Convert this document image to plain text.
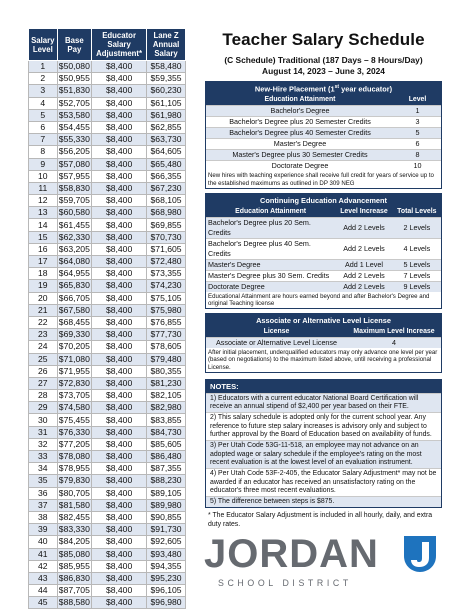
Salary Level	Base Pay	Educator Salary Adjustment*	Lane Z Annual Salary
1	$50,080	$8,400	$58,480
2	$50,955	$8,400	$59,355
3	$51,830	$8,400	$60,230
4	$52,705	$8,400	$61,105
5	$53,580	$8,400	$61,980
6	$54,455	$8,400	$62,855
7	$55,330	$8,400	$63,730
8	$56,205	$8,400	$64,605
9	$57,080	$8,400	$65,480
10	$57,955	$8,400	$66,355
11	$58,830	$8,400	$67,230
12	$59,705	$8,400	$68,105
13	$60,580	$8,400	$68,980
14	$61,455	$8,400	$69,855
15	$62,330	$8,400	$70,730
16	$63,205	$8,400	$71,605
17	$64,080	$8,400	$72,480
18	$64,955	$8,400	$73,355
19	$65,830	$8,400	$74,230
20	$66,705	$8,400	$75,105
21	$67,580	$8,400	$75,980
22	$68,455	$8,400	$76,855
23	$69,330	$8,400	$77,730
24	$70,205	$8,400	$78,605
25	$71,080	$8,400	$79,480
26	$71,955	$8,400	$80,355
27	$72,830	$8,400	$81,230
28	$73,705	$8,400	$82,105
29	$74,580	$8,400	$82,980
30	$75,455	$8,400	$83,855
31	$76,330	$8,400	$84,730
32	$77,205	$8,400	$85,605
33	$78,080	$8,400	$86,480
34	$78,955	$8,400	$87,355
35	$79,830	$8,400	$88,230
36	$80,705	$8,400	$89,105
37	$81,580	$8,400	$89,980
38	$82,455	$8,400	$90,855
39	$83,330	$8,400	$91,730
40	$84,205	$8,400	$92,605
41	$85,080	$8,400	$93,480
42	$85,955	$8,400	$94,355
43	$86,830	$8,400	$95,230
44	$87,705	$8,400	$96,105
45	$88,580	$8,400	$96,980
Teacher Salary Schedule
(C Schedule) Traditional (187 Days – 8 Hours/Day)
August 14, 2023 – June 3, 2024
New-Hire Placement (1st year educator)
Education Attainment	Level
Bachelor's Degree	1
Bachelor's Degree plus 20 Semester Credits	3
Bachelor's Degree plus 40 Semester Credits	5
Master's Degree	6
Master's Degree plus 30 Semester Credits	8
Doctorate Degree	10
New hires with teaching experience shall receive full credit for years of service up to the established maximums as outlined in DP 309 NEG
Continuing Education Advancement
Education Attainment	Level Increase	Total Levels
Bachelor's Degree plus 20 Sem. Credits	Add 2 Levels	2 Levels
Bachelor's Degree plus 40 Sem. Credits	Add 2 Levels	4 Levels
Master's Degree	Add 1 Level	5 Levels
Master's Degree plus 30 Sem. Credits	Add 2 Levels	7 Levels
Doctorate Degree	Add 2 Levels	9 Levels
Educational Attainment are hours earned beyond and after Bachelor's Degree and original Teaching license
Associate or Alternative Level License
License	Maximum Level Increase
Associate or Alternative Level License	4
After initial placement, underqualified educators may only advance one level per year (based on negotiations) to the maximum listed above, until receiving a professional License.
NOTES:
1) Educators with a current educator National Board Certification will receive an annual stipend of $2,400 per year based on their FTE.
2) This salary schedule is adopted only for the current school year. Any reference to future step salary increases is advisory only and subject to further approval by the Board of Education based on availability of funds.
3) Per Utah Code 53G-11-518, an employee may not advance on an adopted wage or salary schedule if the employee's rating on the most recent evaluation is at the lowest level of an evaluation instrument.
4) Per Utah Code 53F-2-405, the Educator Salary Adjustment* may not be awarded if an educator has received an unsatisfactory rating on the educator's three most recent evaluations.
5) The difference between steps is $875.
* The Educator Salary Adjustment is included in all hourly, daily, and extra duty rates.
JORDAN
SCHOOL DISTRICT
